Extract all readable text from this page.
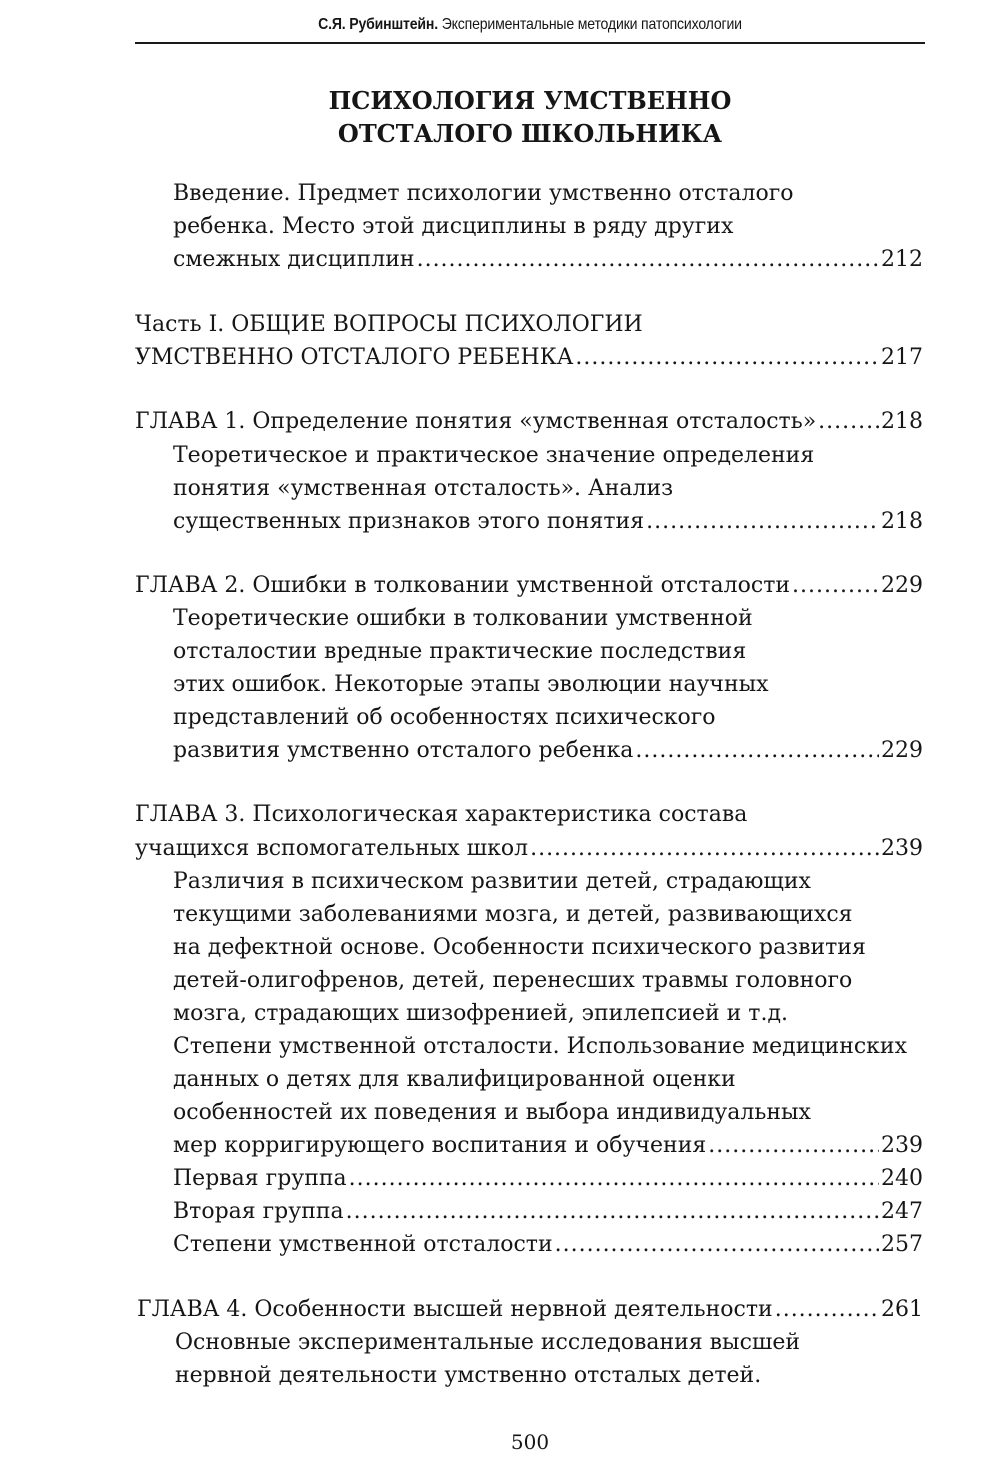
С.Я. Рубинштейн. Экспериментальные методики патопсихологии
ПСИХОЛОГИЯ УМСТВЕННО
ОТСТАЛОГО ШКОЛЬНИКА
Введение. Предмет психологии умственно отсталого
ребенка. Место этой дисциплины в ряду других
смежных дисциплин .....	212
Часть I. ОБЩИЕ ВОПРОСЫ ПСИХОЛОГИИ
УМСТВЕННО ОТСТАЛОГО РЕБЕНКА .....	217
ГЛАВА 1. Определение понятия «умственная отсталость» .....	218
Теоретическое и практическое значение определения
понятия «умственная отсталость». Анализ
существенных признаков этого понятия .....	218
ГЛАВА 2. Ошибки в толковании умственной отсталости .....	229
Теоретические ошибки в толковании умственной
отсталостии вредные практические последствия
этих ошибок. Некоторые этапы эволюции научных
представлений об особенностях психического
развития умственно отсталого ребенка .....	229
ГЛАВА 3. Психологическая характеристика состава
учащихся вспомогательных школ .....	239
Различия в психическом развитии детей, страдающих
текущими заболеваниями мозга, и детей, развивающихся
на дефектной основе. Особенности психического развития
детей-олигофренов, детей, перенесших травмы головного
мозга, страдающих шизофренией, эпилепсией и т.д.
Степени умственной отсталости. Использование медицинских
данных о детях для квалифицированной оценки
особенностей их поведения и выбора индивидуальных
мер корригирующего воспитания и обучения .....	239
Первая группа .....	240
Вторая группа .....	247
Степени умственной отсталости .....	257
ГЛАВА 4. Особенности высшей нервной деятельности .....	261
Основные экспериментальные исследования высшей
нервной деятельности умственно отсталых детей.
500
